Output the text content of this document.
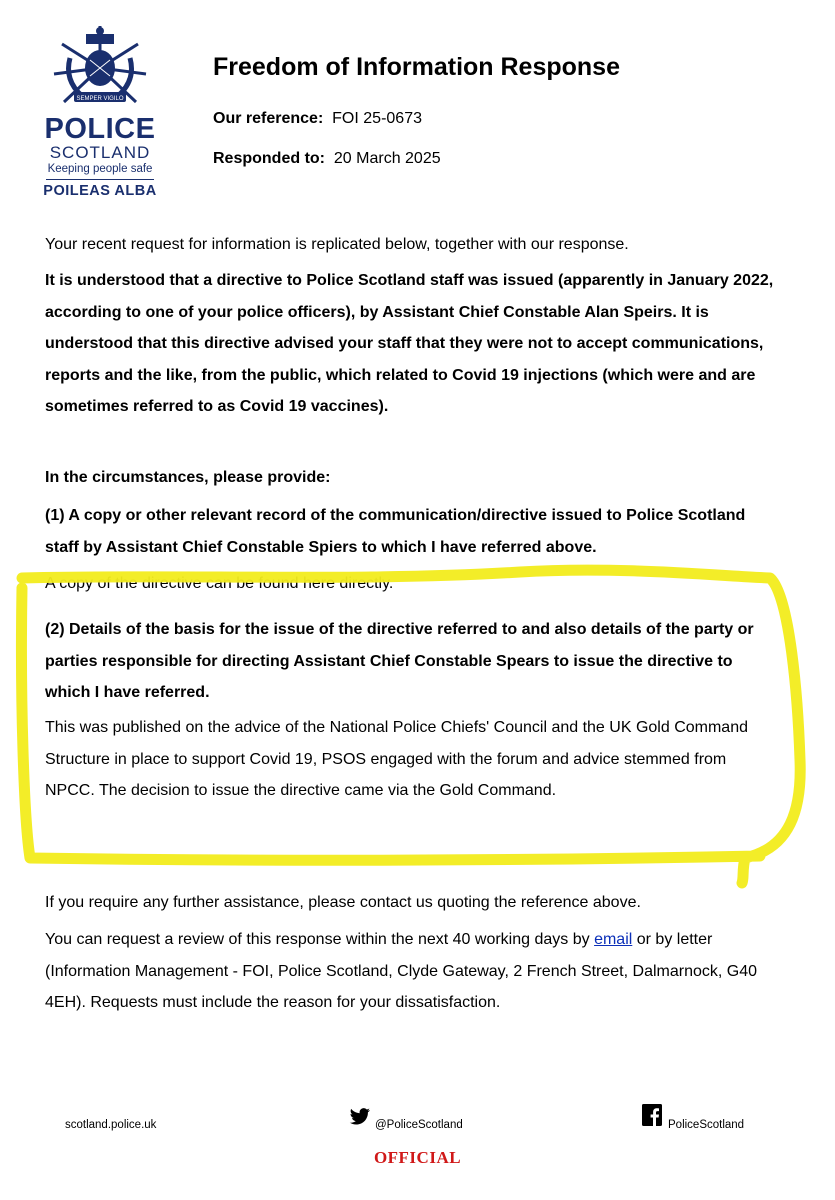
SEMPER VIGILO
POLICE
SCOTLAND
Keeping people safe
POILEAS ALBA
Freedom of Information Response
Our reference: FOI 25-0673
Responded to: 20 March 2025

Your recent request for information is replicated below, together with our response.

It is understood that a directive to Police Scotland staff was issued (apparently in January 2022, according to one of your police officers), by Assistant Chief Constable Alan Speirs. It is understood that this directive advised your staff that they were not to accept communications, reports and the like, from the public, which related to Covid 19 injections (which were and are sometimes referred to as Covid 19 vaccines).

In the circumstances, please provide:

(1) A copy or other relevant record of the communication/directive issued to Police Scotland staff by Assistant Chief Constable Spiers to which I have referred above.

A copy of the directive can be found here directly.

(2) Details of the basis for the issue of the directive referred to and also details of the party or parties responsible for directing Assistant Chief Constable Spears to issue the directive to which I have referred.

This was published on the advice of the National Police Chiefs' Council and the UK Gold Command Structure in place to support Covid 19, PSOS engaged with the forum and advice stemmed from NPCC. The decision to issue the directive came via the Gold Command.

If you require any further assistance, please contact us quoting the reference above.

You can request a review of this response within the next 40 working days by email or by letter (Information Management - FOI, Police Scotland, Clyde Gateway, 2 French Street, Dalmarnock, G40 4EH). Requests must include the reason for your dissatisfaction.

scotland.police.uk	@PoliceScotland	PoliceScotland
OFFICIAL
